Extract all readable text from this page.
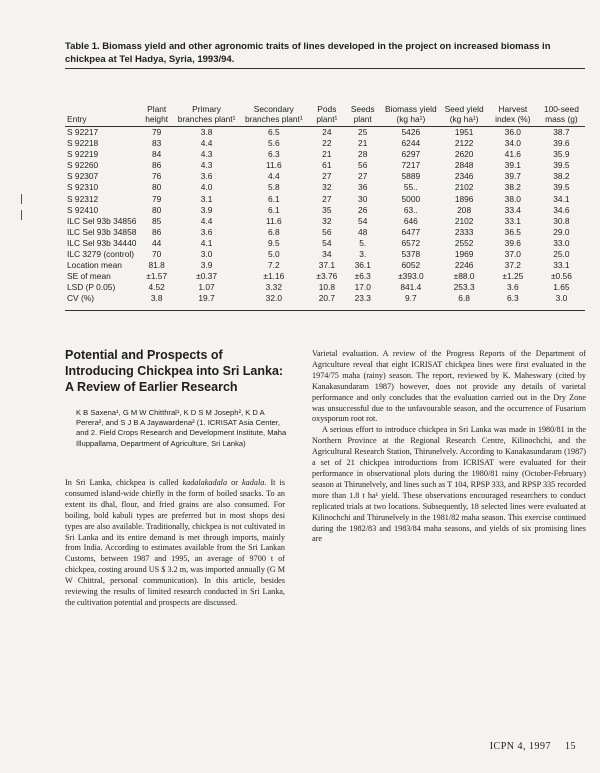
Table 1. Biomass yield and other agronomic traits of lines developed in the project on increased biomass in chickpea at Tel Hadya, Syria, 1993/94.
Entry	Plant height	Primary branches plant¹	Secondary branches plant¹	Pods plant¹	Seeds plant	Biomass yield (kg ha¹)	Seed yield (kg ha¹)	Harvest index (%)	100-seed mass (g)
S 92217	79	3.8	6.5	24	25	5426	1951	36.0	38.7
S 92218	83	4.4	5.6	22	21	6244	2122	34.0	39.6
S 92219	84	4.3	6.3	21	28	6297	2620	41.6	35.9
S 92260	86	4.3	11.6	61	56	7217	2848	39.1	39.5
S 92307	76	3.6	4.4	27	27	5889	2346	39.7	38.2
S 92310	80	4.0	5.8	32	36	55..	2102	38.2	39.5
S 92312	79	3.1	6.1	27	30	5000	1896	38.0	34.1
S 92410	80	3.9	6.1	35	26	63..	208	33.4	34.6
ILC Sel 93b 34856	85	4.4	11.6	32	54	646	2102	33.1	30.8
ILC Sel 93b 34858	86	3.6	6.8	56	48	6477	2333	36.5	29.0
ILC Sel 93b 34440	44	4.1	9.5	54	5.	6572	2552	39.6	33.0
ILC 3279 (control)	70	3.0	5.0	34	3.	5378	1969	37.0	25.0
Location mean	81.8	3.9	7.2	37.1	36.1	6052	2246	37.2	33.1
SE of mean	±1.57	±0.37	±1.16	±3.76	±6.3	±393.0	±88.0	±1.25	±0.56
LSD (P 0.05)	4.52	1.07	3.32	10.8	17.0	841.4	253.3	3.6	1.65
CV (%)	3.8	19.7	32.0	20.7	23.3	9.7	6.8	6.3	3.0
Potential and Prospects of Introducing Chickpea into Sri Lanka: A Review of Earlier Research
K B Saxena¹, G M W Chitthral¹, K D S M Joseph², K D A Perera², and S J B A Jayawardena² (1. ICRISAT Asia Center, and 2. Field Crops Research and Development Institute, Maha Illuppallama, Department of Agriculture, Sri Lanka)

In Sri Lanka, chickpea is called kadalakadala or kadala. It is consumed island-wide chiefly in the form of boiled snacks. To an extent its dhal, flour, and fried grains are also consumed. For boiling, bold kabuli types are preferred but in most shops desi types are also available. Traditionally, chickpea is not cultivated in Sri Lanka and its entire demand is met through imports, mainly from India. According to estimates available from the Sri Lankan Customs, between 1987 and 1995, an average of 9700 t of chickpea, costing around US $ 3.2 m, was imported annually (G M W Chittral, personal communication). In this article, besides reviewing the results of limited research conducted in Sri Lanka, the cultivation potential and prospects are discussed.

Varietal evaluation. A review of the Progress Reports of the Department of Agriculture reveal that eight ICRISAT chickpea lines were first evaluated in the 1974/75 maha (rainy) season. The report, reviewed by K. Maheswary (cited by Kanakasundaram 1987) however, does not provide any details of varietal performance and only concludes that the evaluation carried out in the Dry Zone was unsuccessful due to the unfavourable season, and the occurrence of Fusarium oxysporum root rot.

A serious effort to introduce chickpea in Sri Lanka was made in 1980/81 in the Northern Province at the Regional Research Centre, Kilinochchi, and the Agricultural Research Station, Thirunelvely. According to Kanakasundaram (1987) a set of 21 chickpea introductions from ICRISAT were evaluated for their performance in observational plots during the 1980/81 rainy (October-February) season at Thirunelvely, and lines such as T 104, RPSP 333, and RPSP 335 recorded more than 1.8 t ha¹ yield. These observations encouraged researchers to conduct replicated trials at two locations. Subsequently, 18 selected lines were evaluated at Kilinochchi and Thirunelvely in the 1981/82 maha season. This exercise continued during the 1982/83 and 1983/84 maha seasons, and yields of six promising lines are

ICPN 4, 1997 15
